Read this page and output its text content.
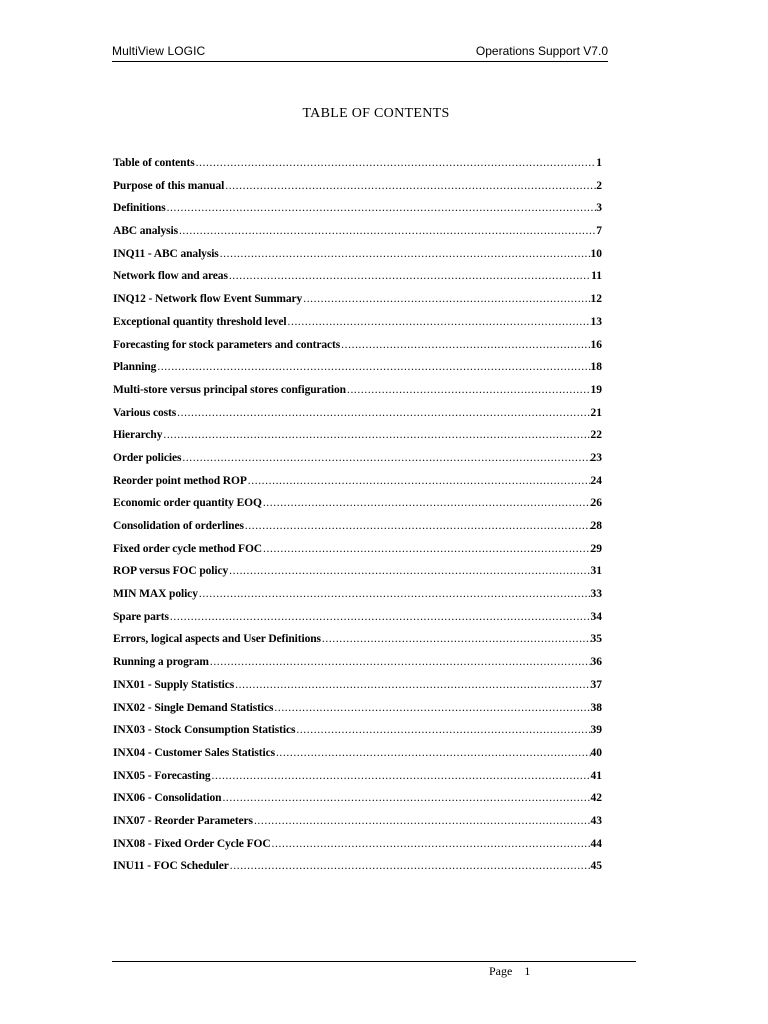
MultiView LOGIC	Operations Support V7.0
TABLE OF CONTENTS
Table of contents .....	1
Purpose of this manual .....	2
Definitions .....	3
ABC analysis .....	7
INQ11 - ABC analysis .....	10
Network flow and areas .....	11
INQ12 - Network flow Event Summary .....	12
Exceptional quantity threshold level .....	13
Forecasting for stock parameters and contracts .....	16
Planning .....	18
Multi-store versus principal stores configuration .....	19
Various costs .....	21
Hierarchy .....	22
Order policies .....	23
Reorder point method ROP .....	24
Economic order quantity EOQ .....	26
Consolidation of orderlines .....	28
Fixed order cycle method FOC .....	29
ROP versus FOC policy .....	31
MIN MAX policy .....	33
Spare parts .....	34
Errors, logical aspects and User Definitions .....	35
Running a program .....	36
INX01 - Supply Statistics .....	37
INX02 - Single Demand Statistics .....	38
INX03 - Stock Consumption Statistics .....	39
INX04 - Customer Sales Statistics .....	40
INX05 - Forecasting .....	41
INX06 - Consolidation .....	42
INX07 - Reorder Parameters .....	43
INX08 - Fixed Order Cycle FOC .....	44
INU11 - FOC Scheduler .....	45
Page 1
